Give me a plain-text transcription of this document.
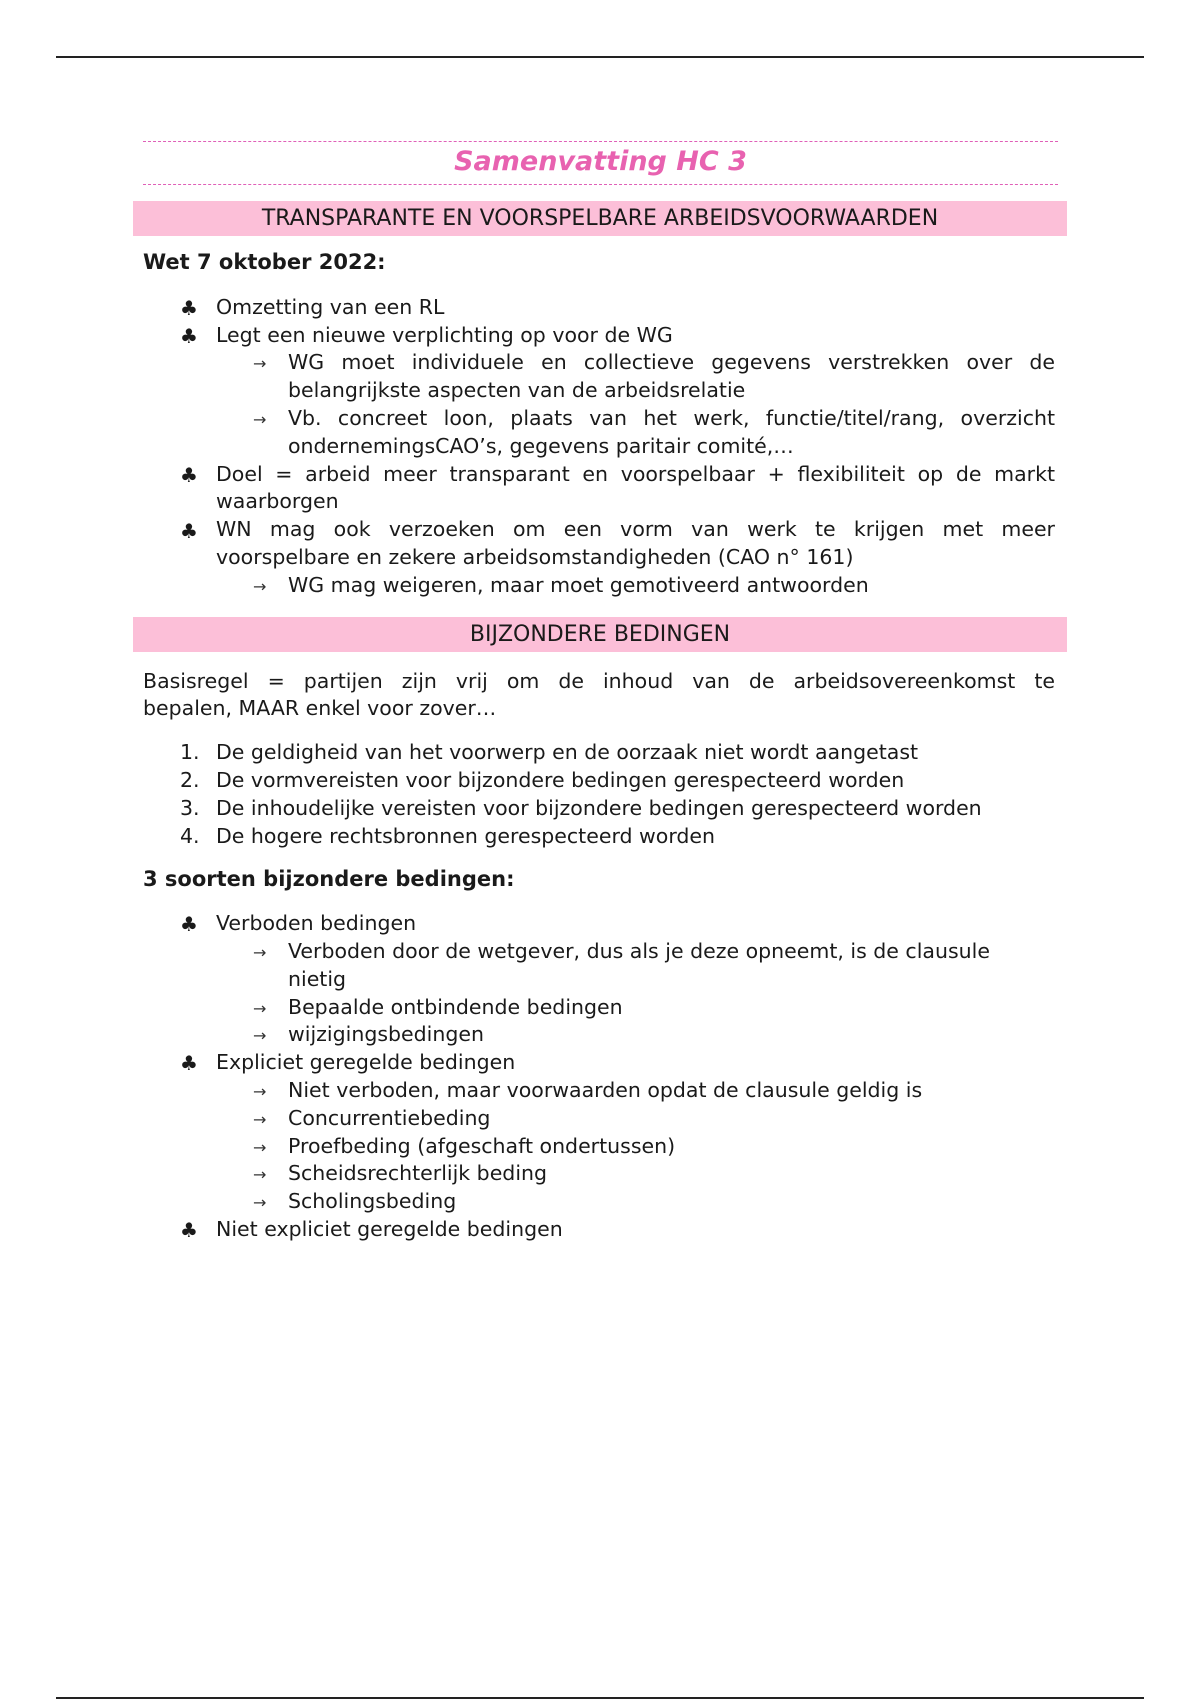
Samenvatting HC 3
TRANSPARANTE EN VOORSPELBARE ARBEIDSVOORWAARDEN
Wet 7 oktober 2022:
♣ Omzetting van een RL
♣ Legt een nieuwe verplichting op voor de WG
→ WG moet individuele en collectieve gegevens verstrekken over de
belangrijkste aspecten van de arbeidsrelatie
→ Vb. concreet loon, plaats van het werk, functie/titel/rang, overzicht
ondernemingsCAO’s, gegevens paritair comité,…
♣ Doel = arbeid meer transparant en voorspelbaar + flexibiliteit op de markt
waarborgen
♣ WN mag ook verzoeken om een vorm van werk te krijgen met meer
voorspelbare en zekere arbeidsomstandigheden (CAO n° 161)
→ WG mag weigeren, maar moet gemotiveerd antwoorden
BIJZONDERE BEDINGEN
Basisregel = partijen zijn vrij om de inhoud van de arbeidsovereenkomst te
bepalen, MAAR enkel voor zover…
1. De geldigheid van het voorwerp en de oorzaak niet wordt aangetast
2. De vormvereisten voor bijzondere bedingen gerespecteerd worden
3. De inhoudelijke vereisten voor bijzondere bedingen gerespecteerd worden
4. De hogere rechtsbronnen gerespecteerd worden
3 soorten bijzondere bedingen:
♣ Verboden bedingen
→ Verboden door de wetgever, dus als je deze opneemt, is de clausule
nietig
→ Bepaalde ontbindende bedingen
→ wijzigingsbedingen
♣ Expliciet geregelde bedingen
→ Niet verboden, maar voorwaarden opdat de clausule geldig is
→ Concurrentiebeding
→ Proefbeding (afgeschaft ondertussen)
→ Scheidsrechterlijk beding
→ Scholingsbeding
♣ Niet expliciet geregelde bedingen
